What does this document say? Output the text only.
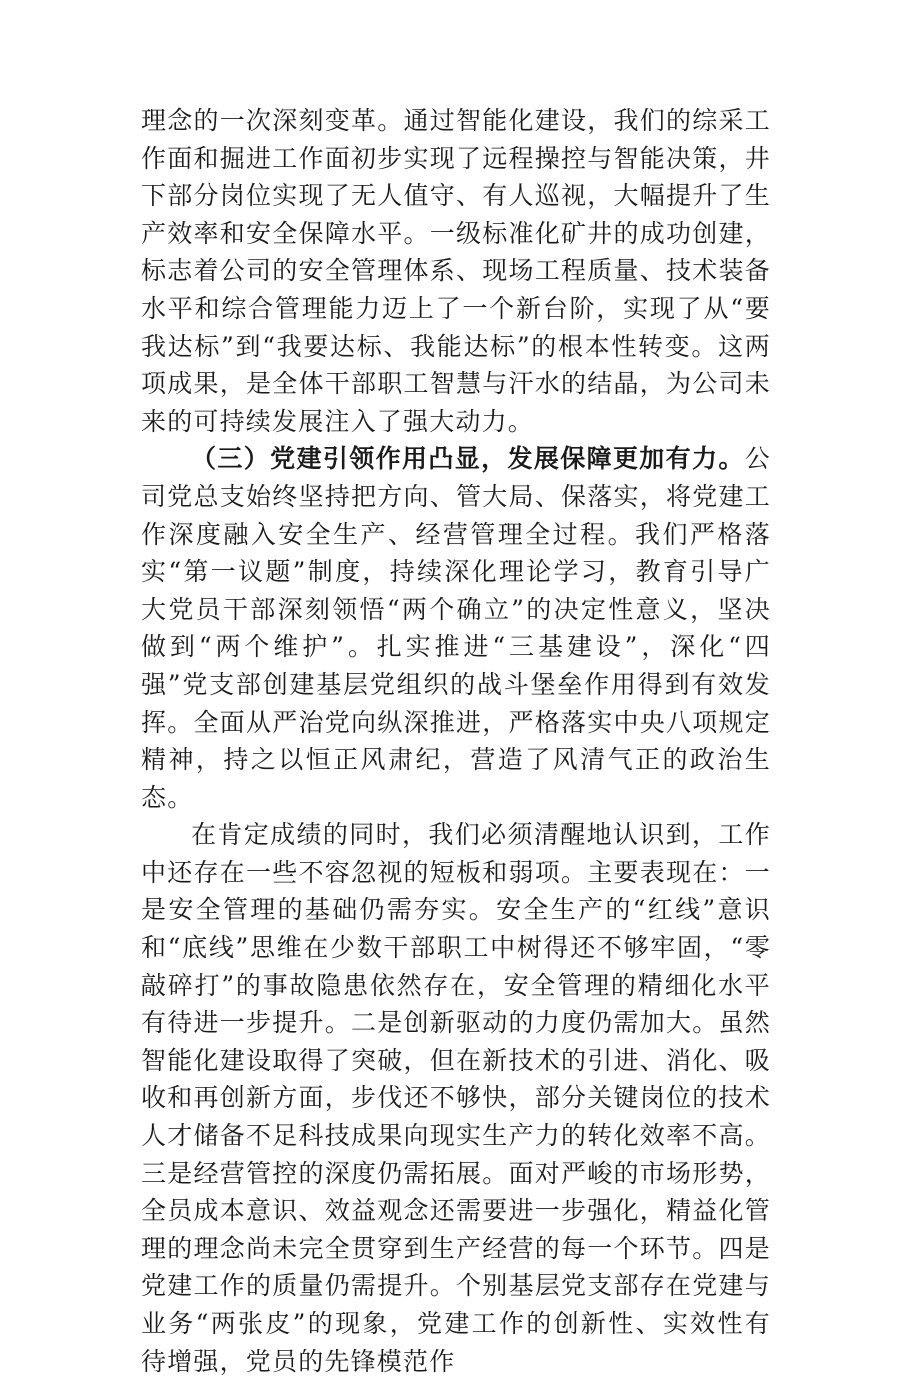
理念的一次深刻变革。通过智能化建设，我们的综采工作面和掘进工作面初步实现了远程操控与智能决策，井下部分岗位实现了无人值守、有人巡视，大幅提升了生产效率和安全保障水平。一级标准化矿井的成功创建，标志着公司的安全管理体系、现场工程质量、技术装备水平和综合管理能力迈上了一个新台阶，实现了从“要我达标”到“我要达标、我能达标”的根本性转变。这两项成果，是全体干部职工智慧与汗水的结晶，为公司未来的可持续发展注入了强大动力。

（三）党建引领作用凸显，发展保障更加有力。公司党总支始终坚持把方向、管大局、保落实，将党建工作深度融入安全生产、经营管理全过程。我们严格落实“第一议题”制度，持续深化理论学习，教育引导广大党员干部深刻领悟“两个确立”的决定性意义，坚决做到“两个维护”。扎实推进“三基建设”，深化“四强”党支部创建基层党组织的战斗堡垒作用得到有效发挥。全面从严治党向纵深推进，严格落实中央八项规定精神，持之以恒正风肃纪，营造了风清气正的政治生态。

在肯定成绩的同时，我们必须清醒地认识到，工作中还存在一些不容忽视的短板和弱项。主要表现在：一是安全管理的基础仍需夯实。安全生产的“红线”意识和“底线”思维在少数干部职工中树得还不够牢固，“零敲碎打”的事故隐患依然存在，安全管理的精细化水平有待进一步提升。二是创新驱动的力度仍需加大。虽然智能化建设取得了突破，但在新技术的引进、消化、吸收和再创新方面，步伐还不够快，部分关键岗位的技术人才储备不足科技成果向现实生产力的转化效率不高。三是经营管控的深度仍需拓展。面对严峻的市场形势，全员成本意识、效益观念还需要进一步强化，精益化管理的理念尚未完全贯穿到生产经营的每一个环节。四是党建工作的质量仍需提升。个别基层党支部存在党建与业务“两张皮”的现象，党建工作的创新性、实效性有待增强，党员的先锋模范作
